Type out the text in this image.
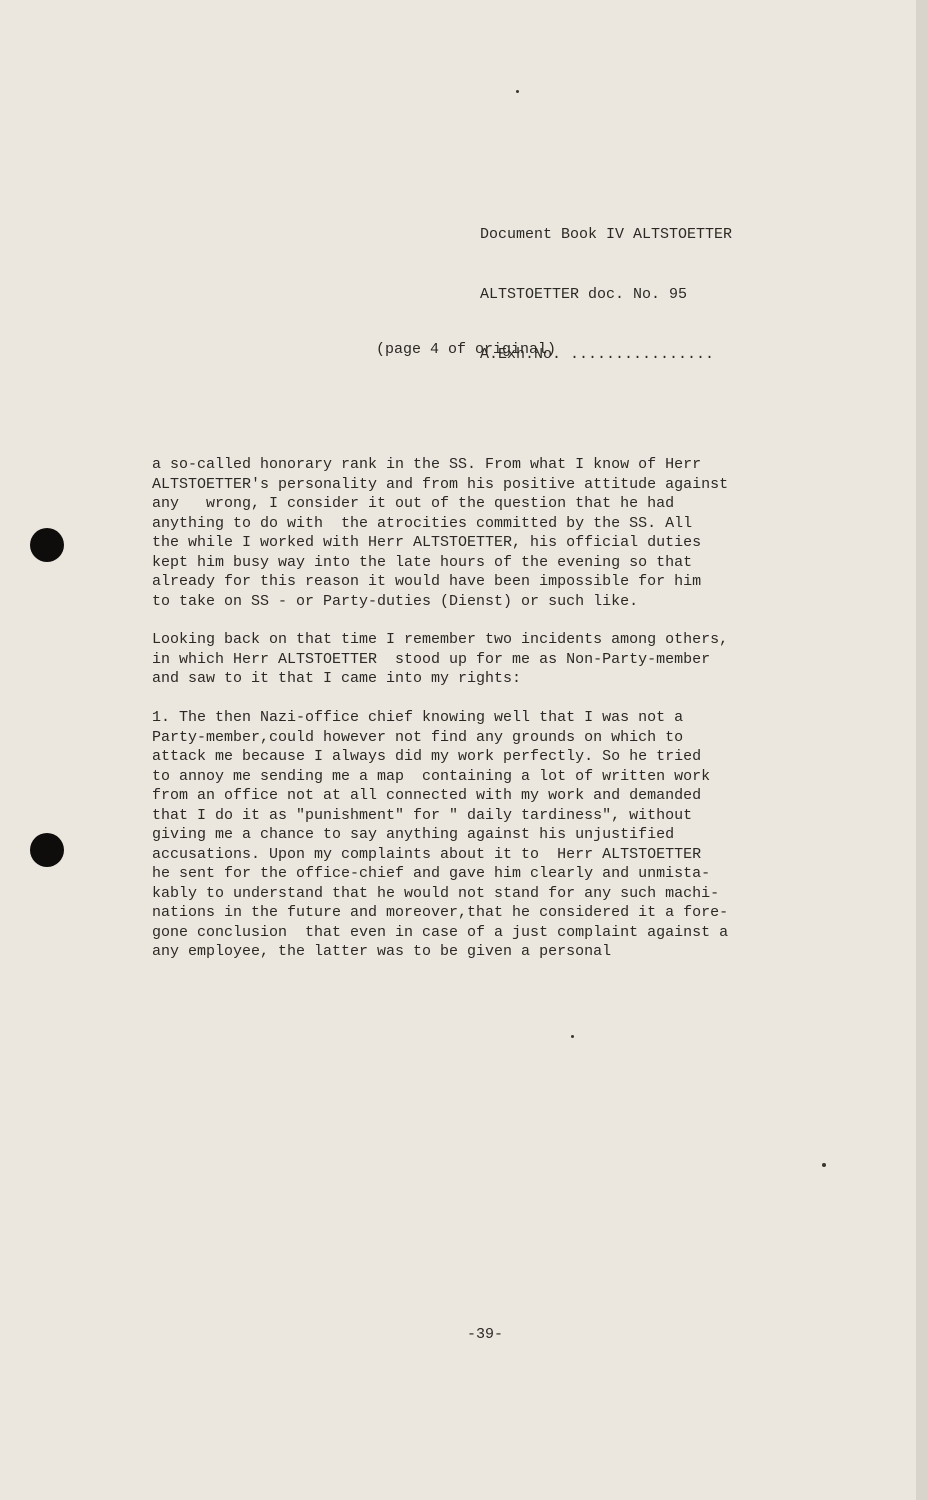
Document Book IV ALTSTOETTER

ALTSTOETTER doc. No. 95

A.Exh.No. ................

(page 4 of original)
a so-called honorary rank in the SS. From what I know of Herr
ALTSTOETTER's personality and from his positive attitude against
any   wrong, I consider it out of the question that he had
anything to do with  the atrocities committed by the SS. All
the while I worked with Herr ALTSTOETTER, his official duties
kept him busy way into the late hours of the evening so that
already for this reason it would have been impossible for him
to take on SS - or Party-duties (Dienst) or such like.
Looking back on that time I remember two incidents among others,
in which Herr ALTSTOETTER  stood up for me as Non-Party-member
and saw to it that I came into my rights:
1. The then Nazi-office chief knowing well that I was not a
Party-member,could however not find any grounds on which to
attack me because I always did my work perfectly. So he tried
to annoy me sending me a map  containing a lot of written work
from an office not at all connected with my work and demanded
that I do it as "punishment" for " daily tardiness", without
giving me a chance to say anything against his unjustified
accusations. Upon my complaints about it to  Herr ALTSTOETTER
he sent for the office-chief and gave him clearly and unmista-
kably to understand that he would not stand for any such machi-
nations in the future and moreover,that he considered it a fore-
gone conclusion  that even in case of a just complaint against a
any employee, the latter was to be given a personal
-39-
